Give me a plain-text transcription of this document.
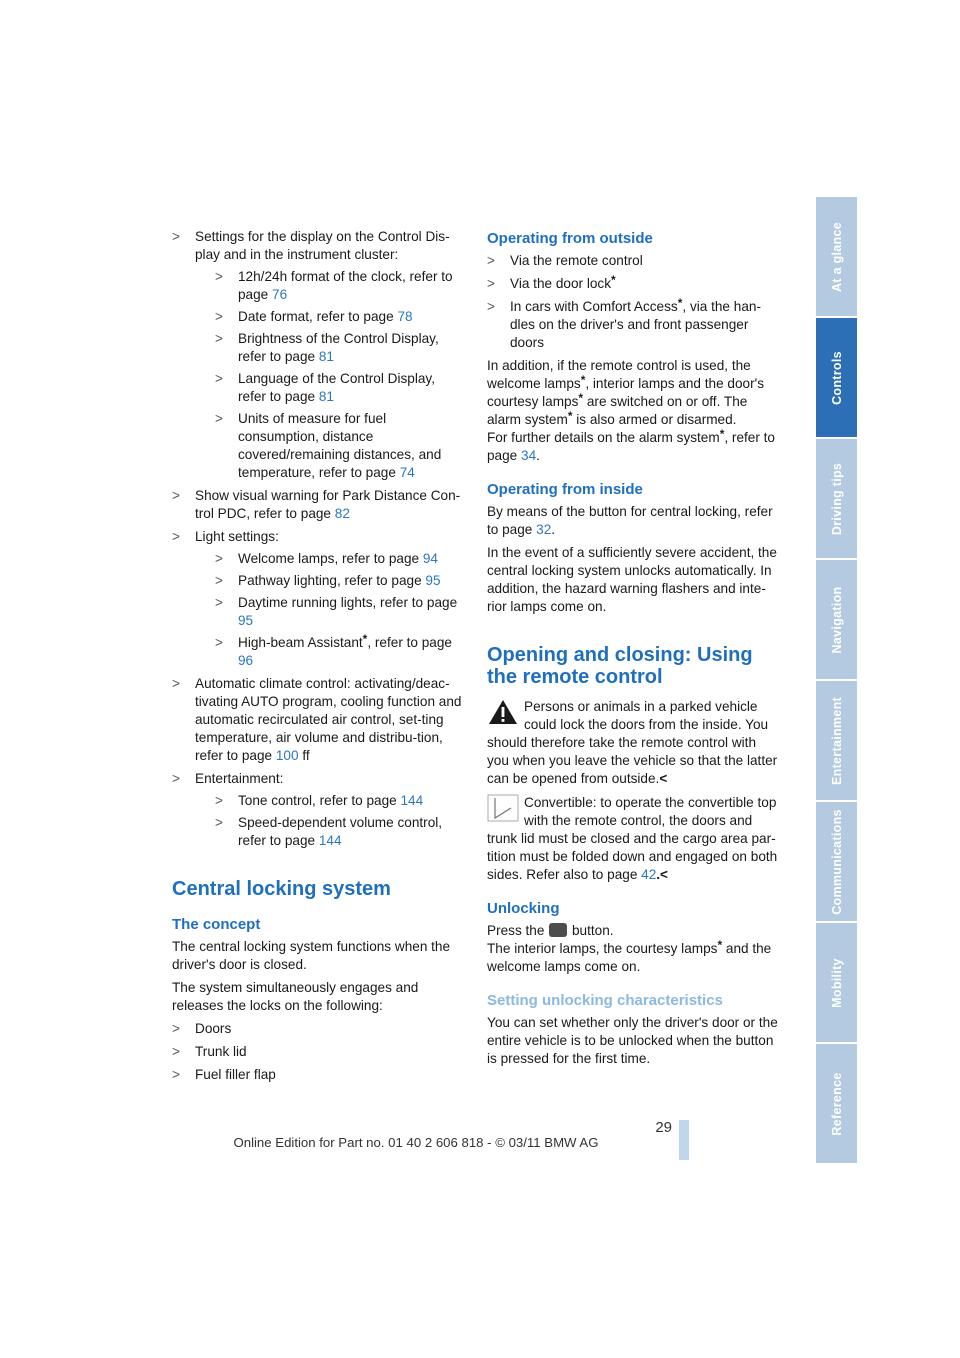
> Settings for the display on the Control Dis-play and in the instrument cluster:
> 12h/24h format of the clock, refer to page 76
> Date format, refer to page 78
> Brightness of the Control Display, refer to page 81
> Language of the Control Display, refer to page 81
> Units of measure for fuel consumption, distance covered/remaining distances, and temperature, refer to page 74
> Show visual warning for Park Distance Con-trol PDC, refer to page 82
> Light settings:
> Welcome lamps, refer to page 94
> Pathway lighting, refer to page 95
> Daytime running lights, refer to page 95
> High-beam Assistant*, refer to page 96
> Automatic climate control: activating/deac-tivating AUTO program, cooling function and automatic recirculated air control, set-ting temperature, air volume and distribu-tion, refer to page 100 ff
> Entertainment:
> Tone control, refer to page 144
> Speed-dependent volume control, refer to page 144
Central locking system
The concept

The central locking system functions when the driver's door is closed.

The system simultaneously engages and releases the locks on the following:

> Doors
> Trunk lid
> Fuel filler flap
Operating from outside
> Via the remote control
> Via the door lock*
> In cars with Comfort Access*, via the han-dles on the driver's and front passenger doors

In addition, if the remote control is used, the welcome lamps*, interior lamps and the door's courtesy lamps* are switched on or off. The alarm system* is also armed or disarmed.
For further details on the alarm system*, refer to page 34.

Operating from inside

By means of the button for central locking, refer to page 32.

In the event of a sufficiently severe accident, the central locking system unlocks automatically. In addition, the hazard warning flashers and inte-rior lamps come on.

Opening and closing: Using the remote control
Persons or animals in a parked vehicle could lock the doors from the inside. You should therefore take the remote control with you when you leave the vehicle so that the latter can be opened from outside.<
Convertible: to operate the convertible top with the remote control, the doors and trunk lid must be closed and the cargo area par-tition must be folded down and engaged on both sides. Refer also to page 42.<
Unlocking

Press the  button.
The interior lamps, the courtesy lamps* and the welcome lamps come on.

Setting unlocking characteristics

You can set whether only the driver's door or the entire vehicle is to be unlocked when the button is pressed for the first time.

At a glance
Controls
Driving tips
Navigation
Entertainment
Communications
Mobility
Reference
29
Online Edition for Part no. 01 40 2 606 818 - © 03/11 BMW AG
